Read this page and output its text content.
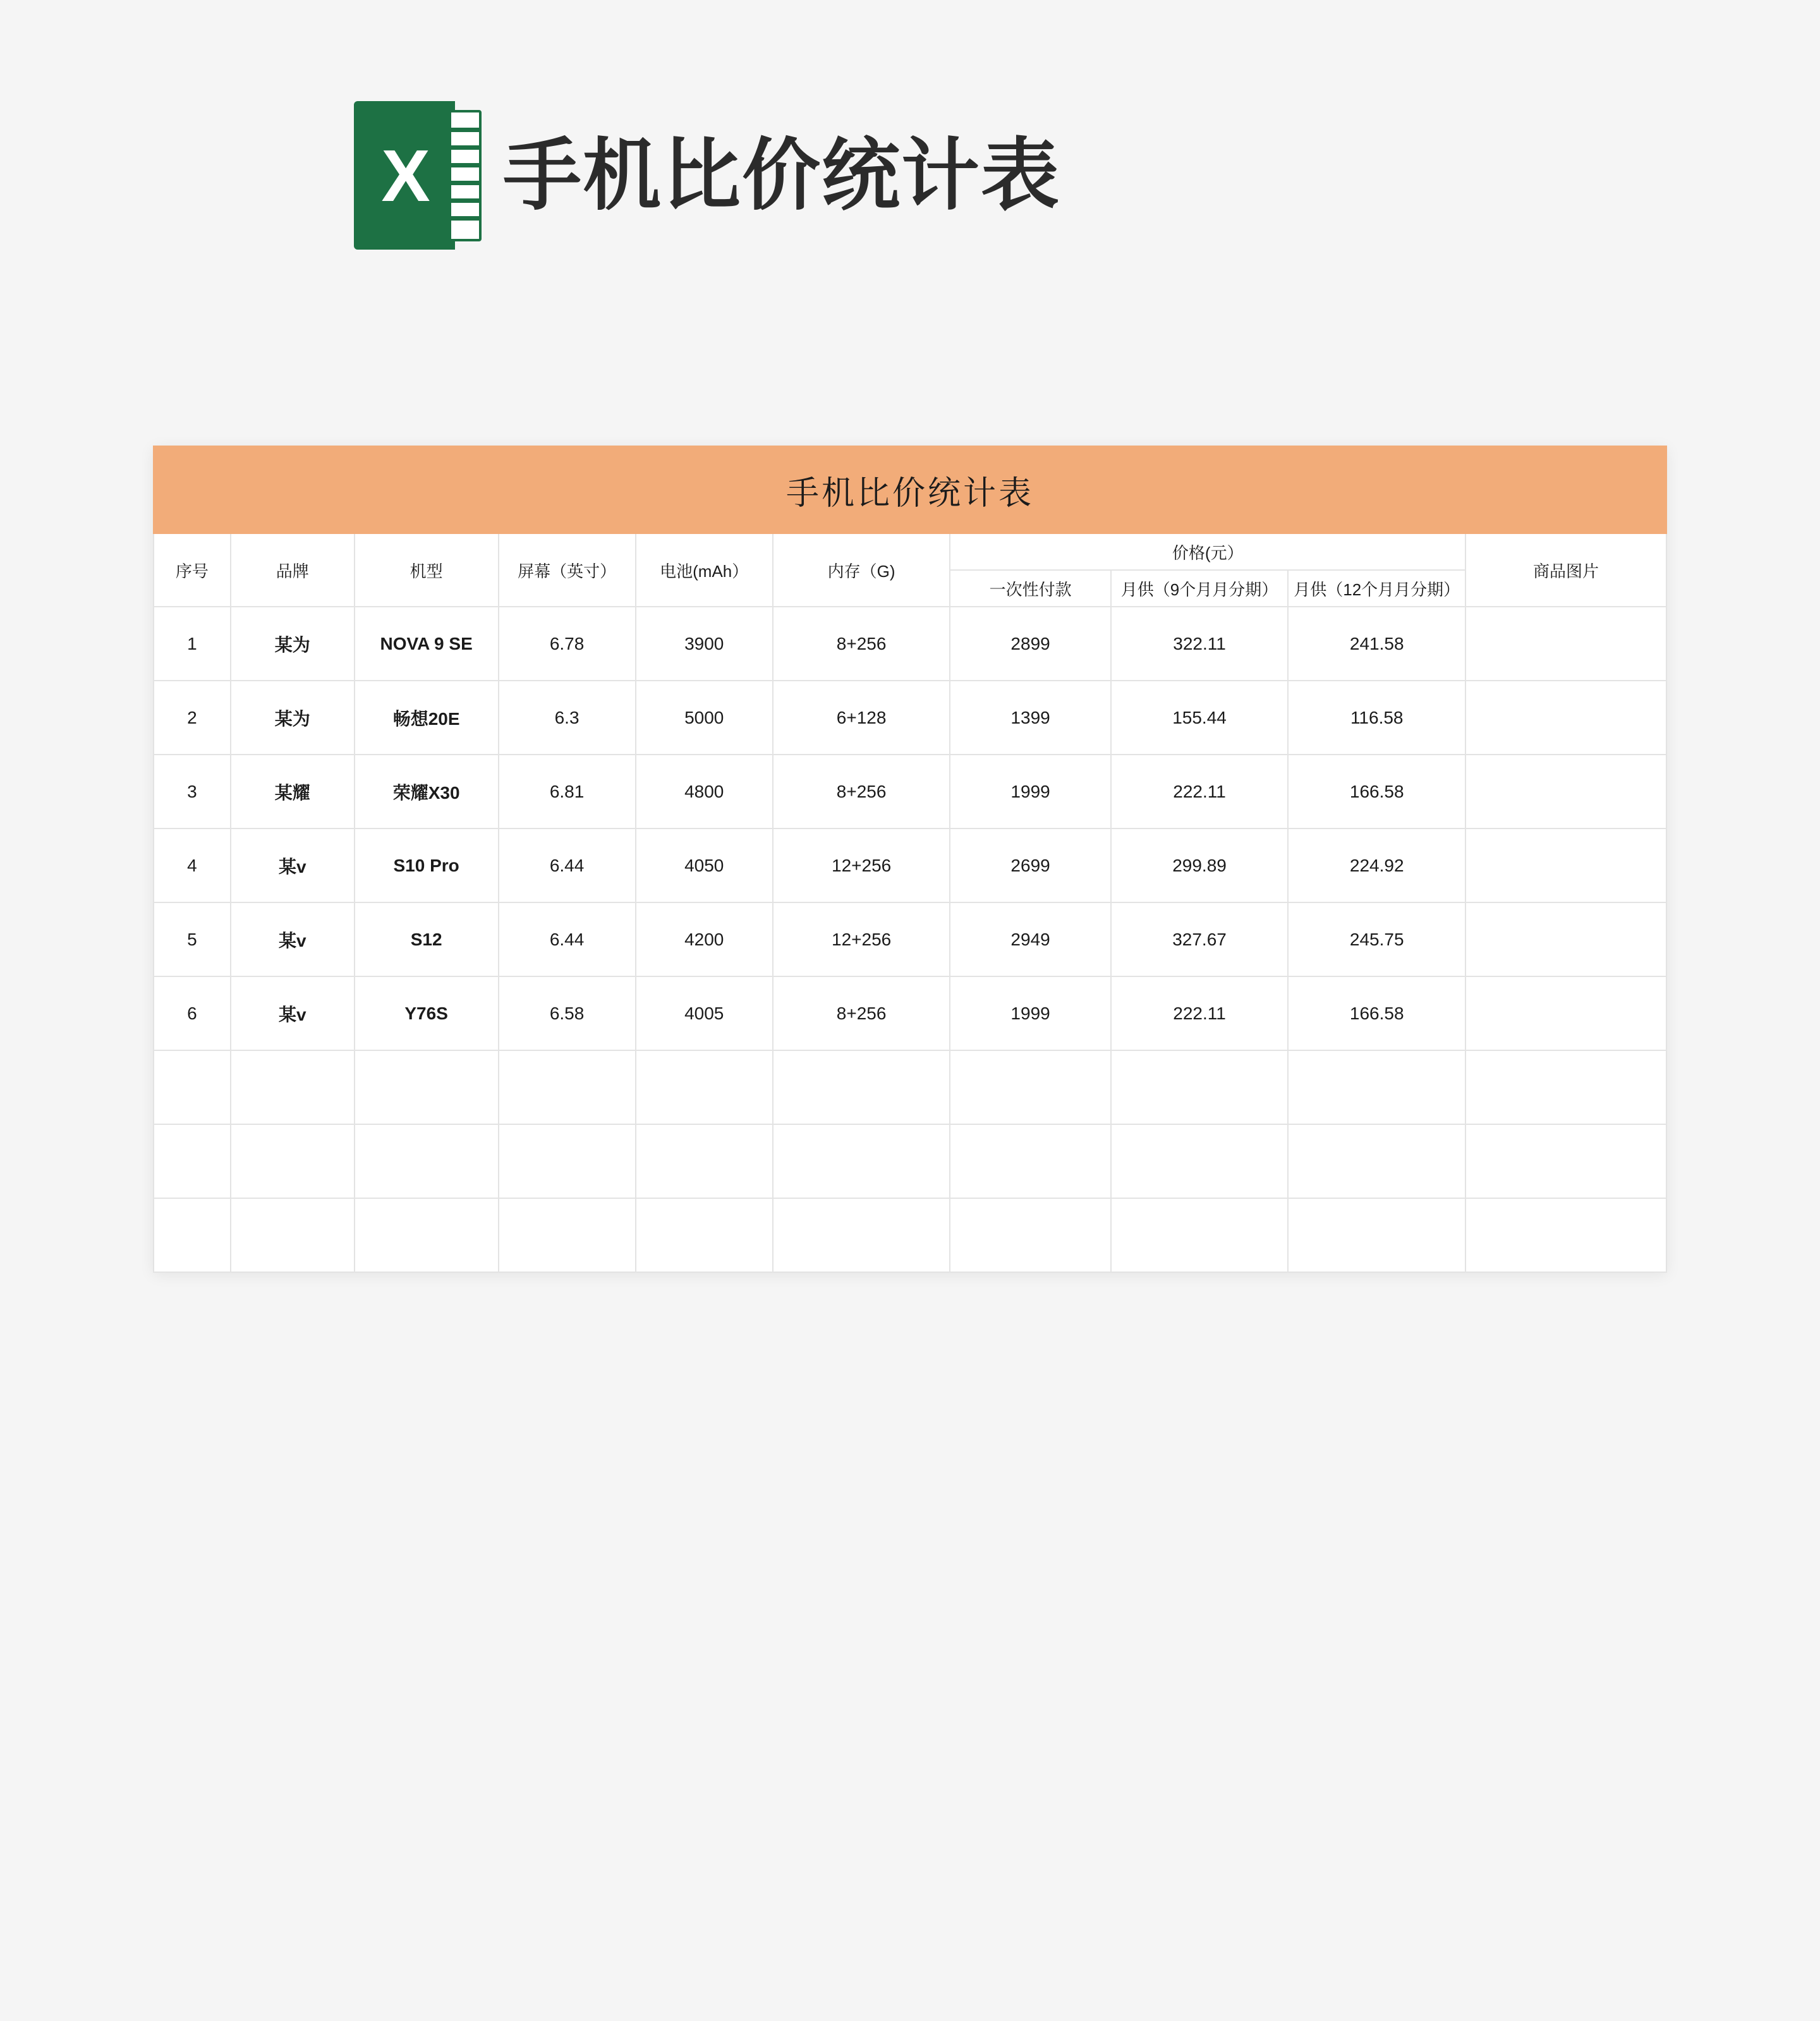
X 手机比价统计表
手机比价统计表									
序号	品牌	机型	屏幕（英寸）	电池(mAh）	内存（G)	价格(元）			商品图片
						一次性付款	月供（9个月月分期）	月供（12个月月分期）	
1	某为	NOVA 9 SE	6.78	3900	8+256	2899	322.11	241.58	
2	某为	畅想20E	6.3	5000	6+128	1399	155.44	116.58	
3	某耀	荣耀X30	6.81	4800	8+256	1999	222.11	166.58	
4	某v	S10 Pro	6.44	4050	12+256	2699	299.89	224.92	
5	某v	S12	6.44	4200	12+256	2949	327.67	245.75	
6	某v	Y76S	6.58	4005	8+256	1999	222.11	166.58	
